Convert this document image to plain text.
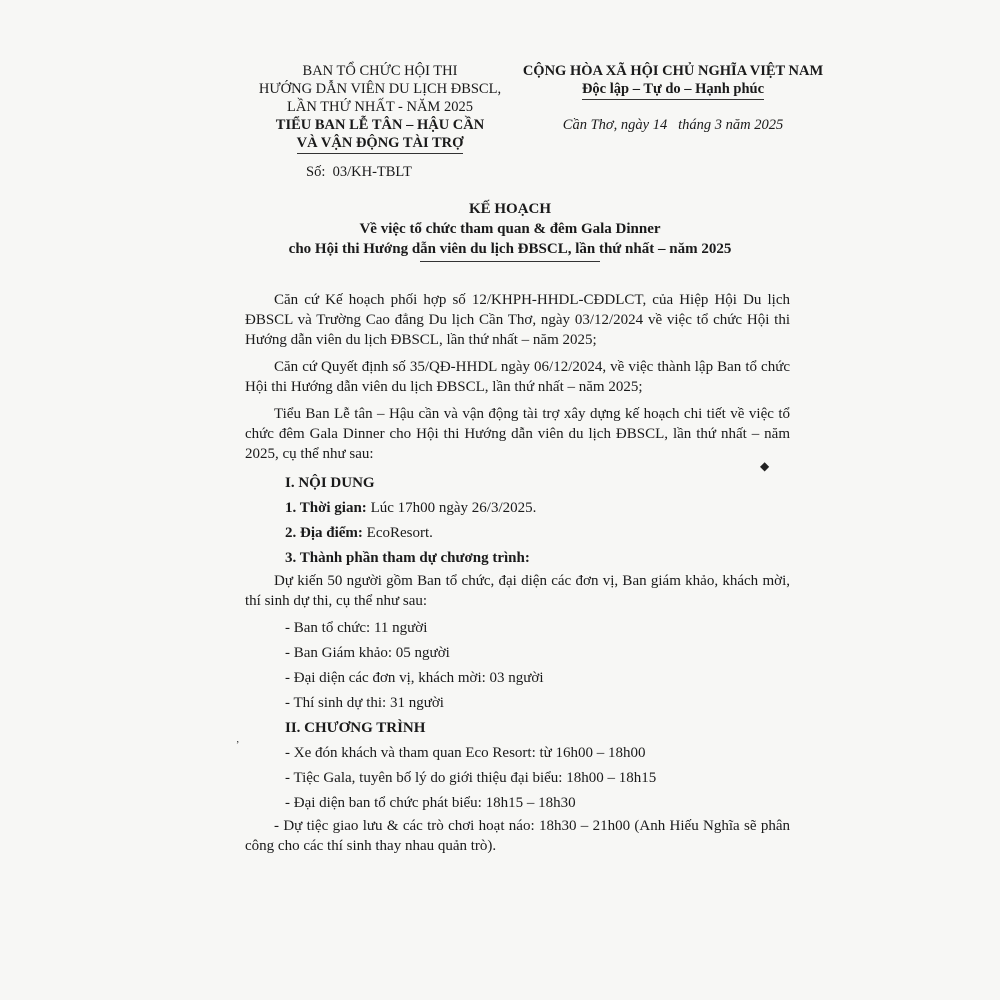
BAN TỔ CHỨC HỘI THI
HƯỚNG DẪN VIÊN DU LỊCH ĐBSCL,
LẦN THỨ NHẤT - NĂM 2025
TIỂU BAN LỄ TÂN – HẬU CẦN
VÀ VẬN ĐỘNG TÀI TRỢ
CỘNG HÒA XÃ HỘI CHỦ NGHĨA VIỆT NAM
Độc lập – Tự do – Hạnh phúc
Cần Thơ, ngày 14   tháng 3 năm 2025
Số:  03/KH-TBLT
KẾ HOẠCH
Về việc tổ chức tham quan & đêm Gala Dinner
cho Hội thi Hướng dẫn viên du lịch ĐBSCL, lần thứ nhất – năm 2025

Căn cứ Kế hoạch phối hợp số 12/KHPH-HHDL-CĐDLCT, của Hiệp Hội Du lịch ĐBSCL và Trường Cao đẳng Du lịch Cần Thơ, ngày 03/12/2024 về việc tổ chức Hội thi Hướng dẫn viên du lịch ĐBSCL, lần thứ nhất – năm 2025;

Căn cứ Quyết định số 35/QĐ-HHDL ngày 06/12/2024, về việc thành lập Ban tổ chức Hội thi Hướng dẫn viên du lịch ĐBSCL, lần thứ nhất – năm 2025;

Tiểu Ban Lễ tân – Hậu cần và vận động tài trợ xây dựng kế hoạch chi tiết về việc tổ chức đêm Gala Dinner cho Hội thi Hướng dẫn viên du lịch ĐBSCL, lần thứ nhất – năm 2025, cụ thể như sau:

I. NỘI DUNG

1. Thời gian: Lúc 17h00 ngày 26/3/2025.

2. Địa điểm: EcoResort.

3. Thành phần tham dự chương trình:

Dự kiến 50 người gồm Ban tổ chức, đại diện các đơn vị, Ban giám khảo, khách mời, thí sinh dự thi, cụ thể như sau:

- Ban tổ chức: 11 người

- Ban Giám khảo: 05 người

- Đại diện các đơn vị, khách mời: 03 người

- Thí sinh dự thi: 31 người

II. CHƯƠNG TRÌNH

- Xe đón khách và tham quan Eco Resort: từ 16h00 – 18h00

- Tiệc Gala, tuyên bố lý do giới thiệu đại biểu: 18h00 – 18h15

- Đại diện ban tổ chức phát biểu: 18h15 – 18h30

- Dự tiệc giao lưu & các trò chơi hoạt náo: 18h30 – 21h00 (Anh Hiếu Nghĩa sẽ phân công cho các thí sinh thay nhau quản trò).

◆
ʼ
